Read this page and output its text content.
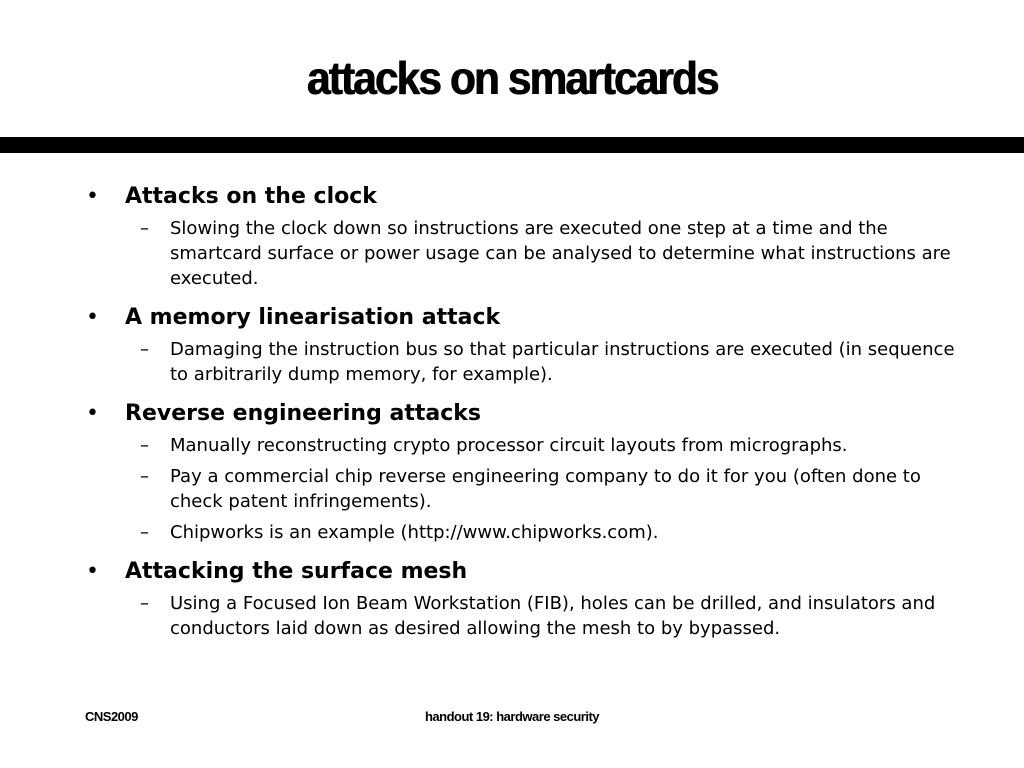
attacks on smartcards
• Attacks on the clock
– Slowing the clock down so instructions are executed one step at a time and the smartcard surface or power usage can be analysed to determine what instructions are executed.
• A memory linearisation attack
– Damaging the instruction bus so that particular instructions are executed (in sequence to arbitrarily dump memory, for example).
• Reverse engineering attacks
– Manually reconstructing crypto processor circuit layouts from micrographs.
– Pay a commercial chip reverse engineering company to do it for you (often done to check patent infringements).
– Chipworks is an example (http://www.chipworks.com).
• Attacking the surface mesh
– Using a Focused Ion Beam Workstation (FIB), holes can be drilled, and insulators and conductors laid down as desired allowing the mesh to by bypassed.
CNS2009	handout 19: hardware security
